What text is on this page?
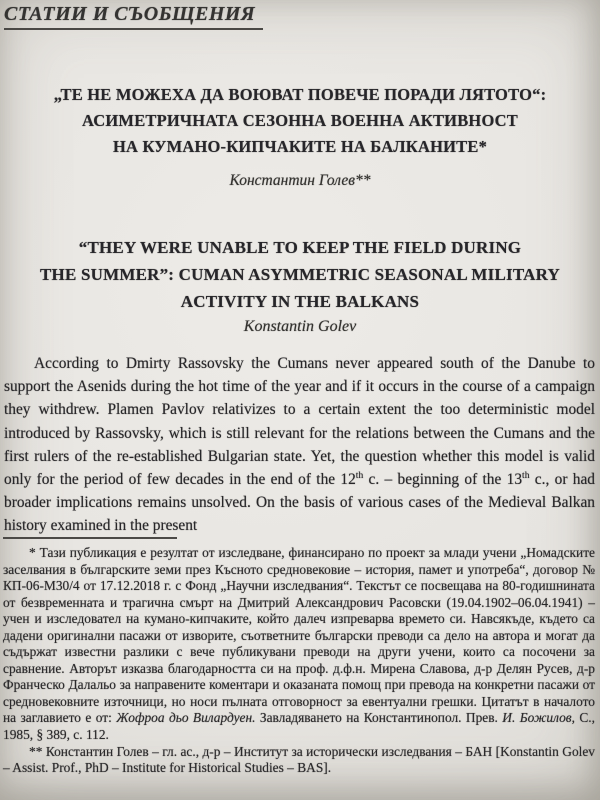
СТАТИИ И СЪОБЩЕНИЯ
„ТЕ НЕ МОЖЕХА ДА ВОЮВАТ ПОВЕЧЕ ПОРАДИ ЛЯТОТО“:
АСИМЕТРИЧНАТА СЕЗОННА ВОЕННА АКТИВНОСТ
НА КУМАНО-КИПЧАКИТЕ НА БАЛКАНИТЕ*
Константин Голев**
“THEY WERE UNABLE TO KEEP THE FIELD DURING
THE SUMMER”: CUMAN ASYMMETRIC SEASONAL MILITARY
ACTIVITY IN THE BALKANS
Konstantin Golev

According to Dmirty Rassovsky the Cumans never appeared south of the Danube to support the Asenids during the hot time of the year and if it occurs in the course of a campaign they withdrew. Plamen Pavlov relativizes to a certain extent the too deterministic model introduced by Rassovsky, which is still relevant for the relations between the Cumans and the first rulers of the re-established Bulgarian state. Yet, the question whether this model is valid only for the period of few decades in the end of the 12th c. – beginning of the 13th c., or had broader implications remains unsolved. On the basis of various cases of the Medieval Balkan history examined in the present

* Тази публикация е резултат от изследване, финансирано по проект за млади учени „Номадските заселвания в българските земи през Късното средновековие – история, памет и употреба“, договор № КП-06-М30/4 от 17.12.2018 г. с Фонд „Научни изследвания“. Текстът се посвещава на 80-годишнината от безвременната и трагична смърт на Дмитрий Александрович Расовски (19.04.1902–06.04.1941) – учен и изследовател на кумано-кипчаките, който далеч изпреварва времето си. Навсякъде, където са дадени оригинални пасажи от изворите, съответните български преводи са дело на автора и могат да съдържат известни разлики с вече публикувани преводи на други учени, които са посочени за сравнение. Авторът изказва благодарността си на проф. д.ф.н. Мирена Славова, д-р Делян Русев, д-р Франческо Далальо за направените коментари и оказаната помощ при превода на конкретни пасажи от средновековните източници, но носи пълната отговорност за евентуални грешки. Цитатът в началото на заглавието е от: Жофроа дьо Вилардуен. Завладяването на Константинопол. Прев. И. Божилов, С., 1985, § 389, с. 112.

** Константин Голев – гл. ас., д-р – Институт за исторически изследвания – БАН [Konstantin Golev – Assist. Prof., PhD – Institute for Historical Studies – BAS].
